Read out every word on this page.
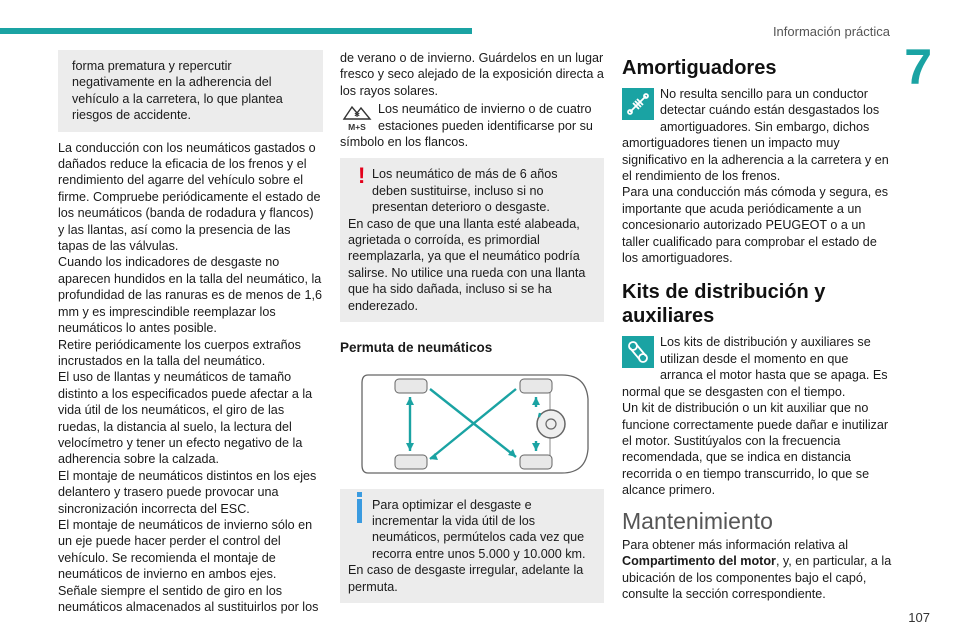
Información práctica
7
107

forma prematura y repercutir negativamente en la adherencia del vehículo a la carretera, lo que plantea riesgos de accidente.

La conducción con los neumáticos gastados o dañados reduce la eficacia de los frenos y el rendimiento del agarre del vehículo sobre el firme. Compruebe periódicamente el estado de los neumáticos (banda de rodadura y flancos) y las llantas, así como la presencia de las tapas de las válvulas.

Cuando los indicadores de desgaste no aparecen hundidos en la talla del neumático, la profundidad de las ranuras es de menos de 1,6 mm y es imprescindible reemplazar los neumáticos lo antes posible.

Retire periódicamente los cuerpos extraños incrustados en la talla del neumático.

El uso de llantas y neumáticos de tamaño distinto a los especificados puede afectar a la vida útil de los neumáticos, el giro de las ruedas, la distancia al suelo, la lectura del velocímetro y tener un efecto negativo de la adherencia sobre la calzada.

El montaje de neumáticos distintos en los ejes delantero y trasero puede provocar una sincronización incorrecta del ESC.

El montaje de neumáticos de invierno sólo en un eje puede hacer perder el control del vehículo. Se recomienda el montaje de neumáticos de invierno en ambos ejes.

Señale siempre el sentido de giro en los neumáticos almacenados al sustituirlos por los

de verano o de invierno. Guárdelos en un lugar fresco y seco alejado de la exposición directa a los rayos solares.

✱
M+S

Los neumático de invierno o de cuatro estaciones pueden identificarse por su símbolo en los flancos.

! Los neumático de más de 6 años deben sustituirse, incluso si no presentan deterioro o desgaste.

En caso de que una llanta esté alabeada, agrietada o corroída, es primordial reemplazarla, ya que el neumático podría salirse. No utilice una rueda con una llanta que ha sido dañada, incluso si se ha enderezado.

Permuta de neumáticos

Para optimizar el desgaste e incrementar la vida útil de los neumáticos, permútelos cada vez que recorra entre unos 5.000 y 10.000 km.

En caso de desgaste irregular, adelante la permuta.

Amortiguadores

No resulta sencillo para un conductor detectar cuándo están desgastados los amortiguadores. Sin embargo, dichos amortiguadores tienen un impacto muy significativo en la adherencia a la carretera y en el rendimiento de los frenos.

Para una conducción más cómoda y segura, es importante que acuda periódicamente a un concesionario autorizado PEUGEOT o a un taller cualificado para comprobar el estado de los amortiguadores.

Kits de distribución y auxiliares

Los kits de distribución y auxiliares se utilizan desde el momento en que arranca el motor hasta que se apaga. Es normal que se desgasten con el tiempo.

Un kit de distribución o un kit auxiliar que no funcione correctamente puede dañar e inutilizar el motor. Sustitúyalos con la frecuencia recomendada, que se indica en distancia recorrida o en tiempo transcurrido, lo que se alcance primero.

Mantenimiento

Para obtener más información relativa al Compartimento del motor, y, en particular, a la ubicación de los componentes bajo el capó, consulte la sección correspondiente.
